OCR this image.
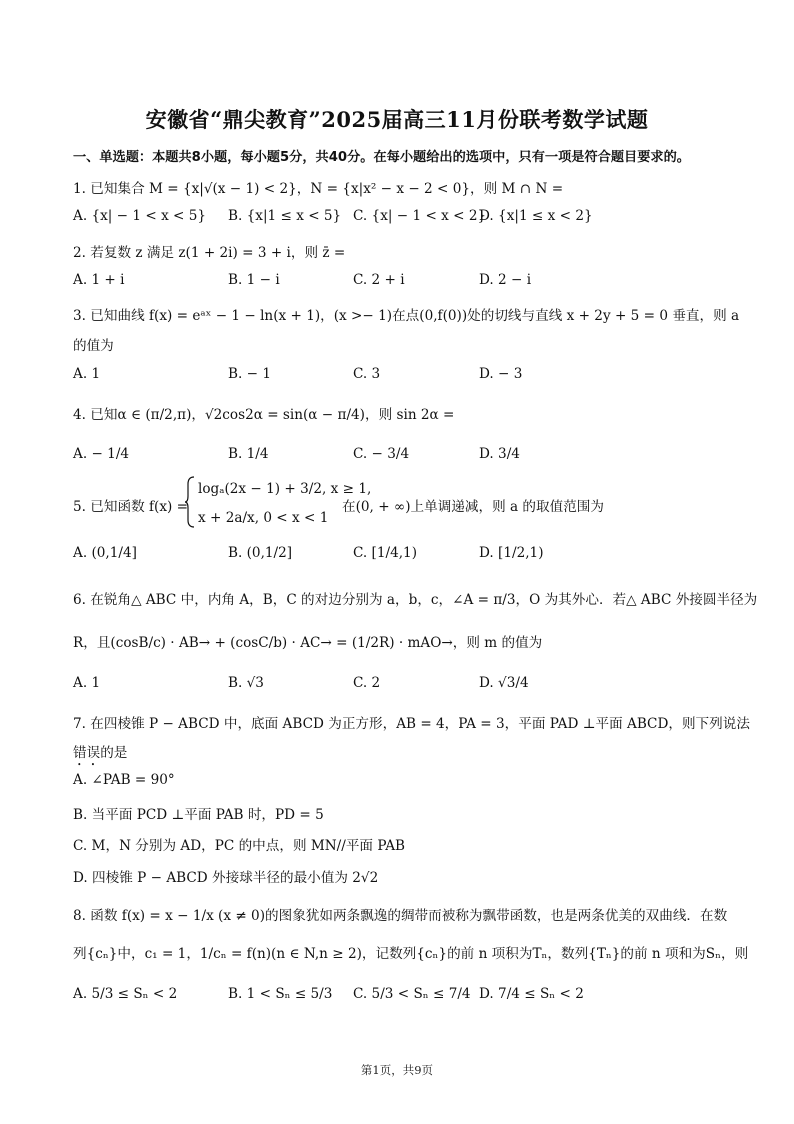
安徽省“鼎尖教育”2025届高三11月份联考数学试题
一、单选题：本题共8小题，每小题5分，共40分。在每小题给出的选项中，只有一项是符合题目要求的。
1. 已知集合 M = {x|√(x − 1) < 2}，N = {x|x² − x − 2 < 0}，则 M ∩ N =
A. {x| − 1 < x < 5} B. {x|1 ≤ x < 5} C. {x| − 1 < x < 2}
D. {x|1 ≤ x < 2}
2. 若复数 z 满足 z(1 + 2i) = 3 + i，则 z̄ =
A. 1 + i	B. 1 − i	C. 2 + i	D. 2 − i
3. 已知曲线 f(x) = eᵃˣ − 1 − ln(x + 1)，(x >− 1)在点(0,f(0))处的切线与直线 x + 2y + 5 = 0 垂直，则 a
的值为
A. 1	B. − 1	C. 3	D. − 3
4. 已知α ∈ (π/2,π)，√2cos2α = sin(α − π/4)，则 sin 2α =
A. − 1/4	B. 1/4	C. − 3/4	D. 3/4
5. 已知函数 f(x) =
logₐ(2x − 1) + 3/2, x ≥ 1,
x + 2a/x, 0 < x < 1
在(0, + ∞)上单调递减，则 a 的取值范围为
A. (0,1/4]	B. (0,1/2]	C. [1/4,1)	D. [1/2,1)
6. 在锐角△ ABC 中，内角 A，B，C 的对边分别为 a，b，c，∠A = π/3，O 为其外心．若△ ABC 外接圆半径为
R，且(cosB/c) · AB→ + (cosC/b) · AC→ = (1/2R) · mAO→，则 m 的值为
A. 1	B. √3	C. 2	D. √3/4
7. 在四棱锥 P − ABCD 中，底面 ABCD 为正方形，AB = 4，PA = 3，平面 PAD ⊥平面 ABCD，则下列说法
错误的是
A. ∠PAB = 90°
B. 当平面 PCD ⊥平面 PAB 时，PD = 5
C. M，N 分别为 AD，PC 的中点，则 MN//平面 PAB
D. 四棱锥 P − ABCD 外接球半径的最小值为 2√2
8. 函数 f(x) = x − 1/x (x ≠ 0)的图象犹如两条飘逸的绸带而被称为飘带函数，也是两条优美的双曲线．在数
列{cₙ}中，c₁ = 1，1/cₙ = f(n)(n ∈ N,n ≥ 2)，记数列{cₙ}的前 n 项积为Tₙ，数列{Tₙ}的前 n 项和为Sₙ，则
A. 5/3 ≤ Sₙ < 2	B. 1 < Sₙ ≤ 5/3 C. 5/3 < Sₙ ≤ 7/4 D. 7/4 ≤ Sₙ < 2
第1页，共9页
